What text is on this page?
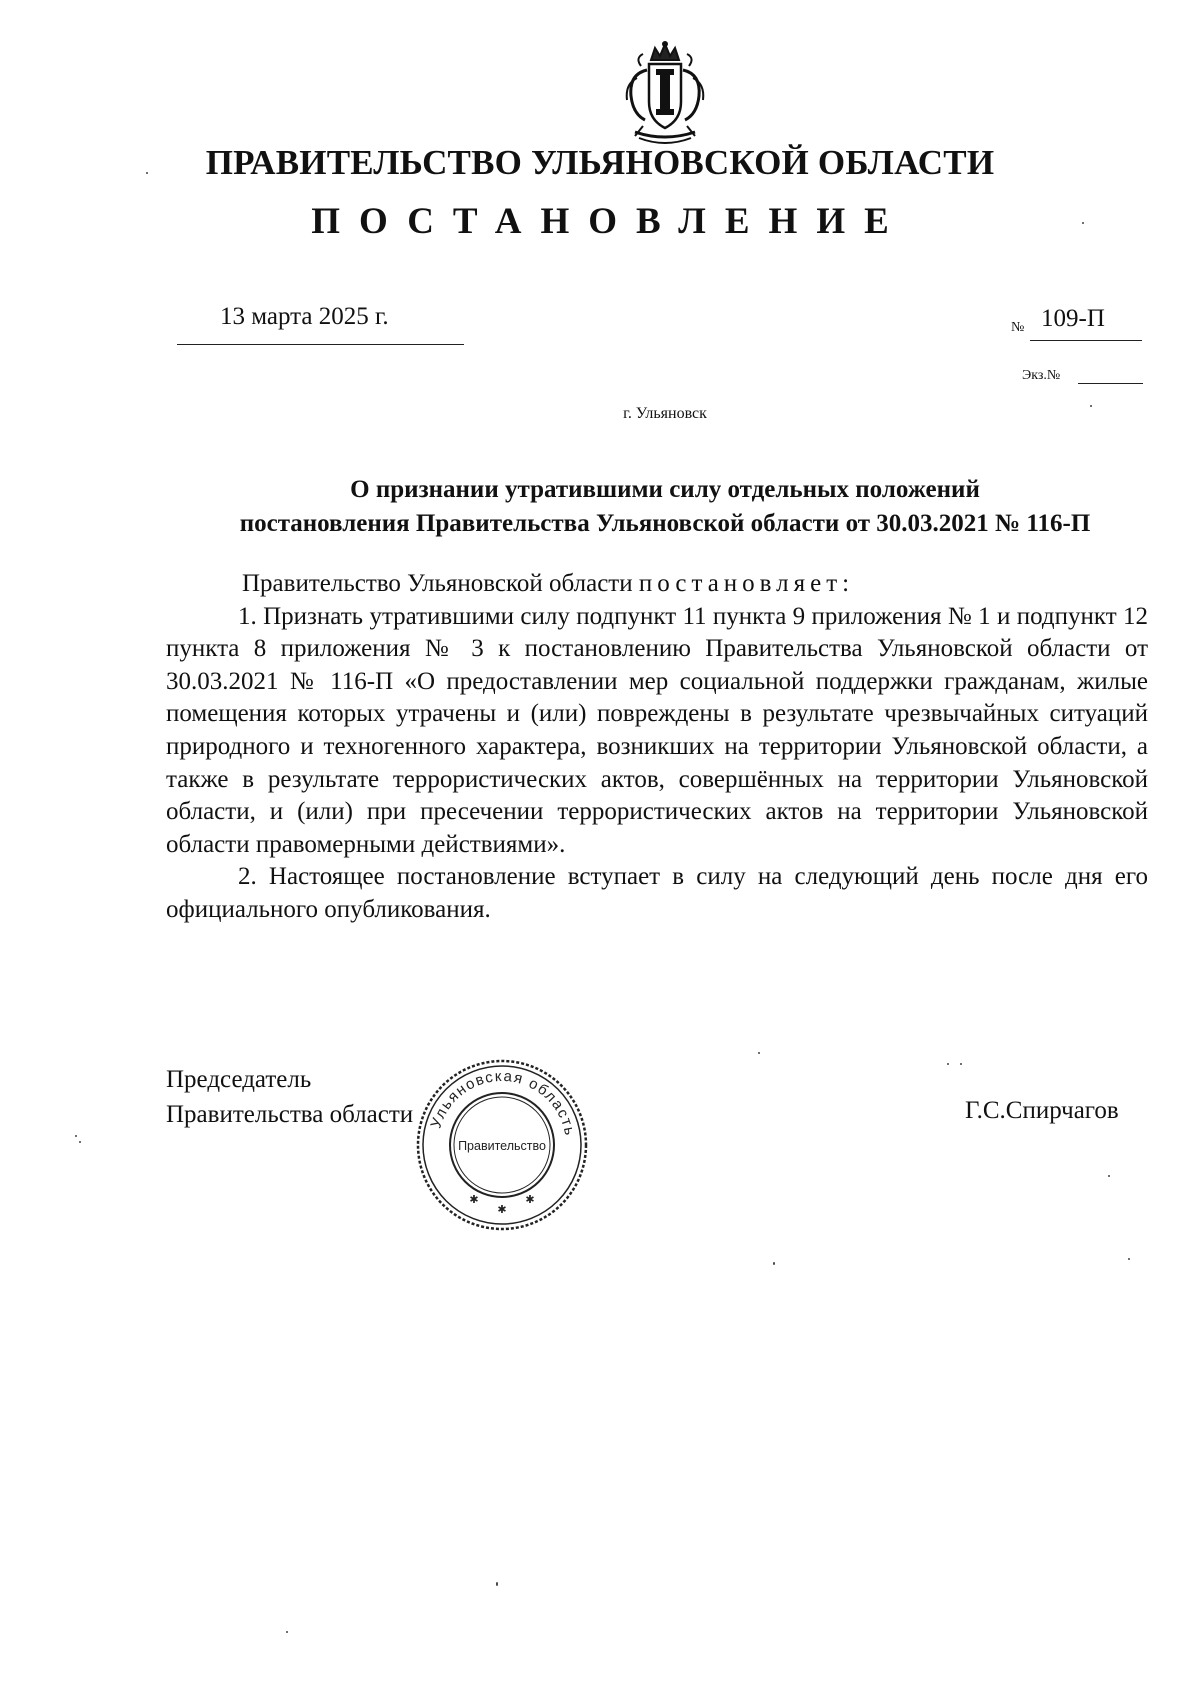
ПРАВИТЕЛЬСТВО УЛЬЯНОВСКОЙ ОБЛАСТИ
ПОСТАНОВЛЕНИЕ
13 марта 2025 г.	№ 109-П
Экз.№
г. Ульяновск
О признании утратившими силу отдельных положений
постановления Правительства Ульяновской области от 30.03.2021 № 116-П

Правительство Ульяновской области постановляет:

1. Признать утратившими силу подпункт 11 пункта 9 приложения № 1 и подпункт 12 пункта 8 приложения № 3 к постановлению Правительства Ульяновской области от 30.03.2021 № 116-П «О предоставлении мер социальной поддержки гражданам, жилые помещения которых утрачены и (или) повреждены в результате чрезвычайных ситуаций природного и техногенного характера, возникших на территории Ульяновской области, а также в результате террористических актов, совершённых на территории Ульяновской области, и (или) при пресечении террористических актов на территории Ульяновской области правомерными действиями».

2. Настоящее постановление вступает в силу на следующий день после дня его официального опубликования.

Председатель
Правительства области Ульяновская область
Правительство
✱
✱
✱
Г.С.Спирчагов
